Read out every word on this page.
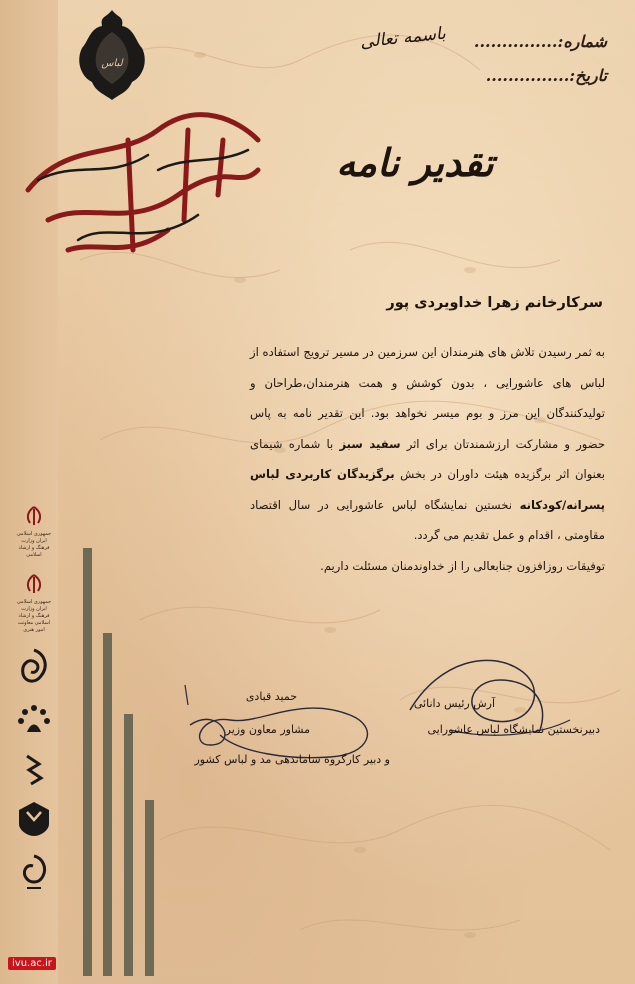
لباس
نخستین نمایشگاه لباس عاشورایی
شماره:...............
تاریخ:...............
باسمه تعالی
تقدیر نامه
سرکارخانم زهرا خداویردی پور
به ثمر رسیدن تلاش های هنرمندان این سرزمین در مسیر ترویج استفاده از لباس های عاشورایی ، بدون کوشش و همت هنرمندان،طراحان و تولیدکنندگان این مرز و بوم میسر نخواهد بود. این تقدیر نامه به پاس حضور و مشارکت ارزشمندتان برای اثر سفید سبز با شماره شیمای بعنوان اثر برگزیده هیئت داوران در بخش برگزیدگان کاربردی لباس پسرانه/کودکانه نخستین نمایشگاه لباس عاشورایی در سال اقتصاد مقاومتی ، اقدام و عمل تقدیم می گردد.
توفیقات روزافزون جنابعالی را از خداوندمنان مسئلت داریم.
آرش رئیس دانائی
دبیرنخستین نمایشگاه لباس عاشورایی
حمید قبادی
مشاور معاون وزیر
و دبیر کارگروه ساماندهی مد و لباس کشور
جمهوری اسلامی ایران وزارت فرهنگ و ارشاد اسلامی
جمهوری اسلامی ایران وزارت فرهنگ و ارشاد اسلامی معاونت امور هنری
ivu.ac.ir
